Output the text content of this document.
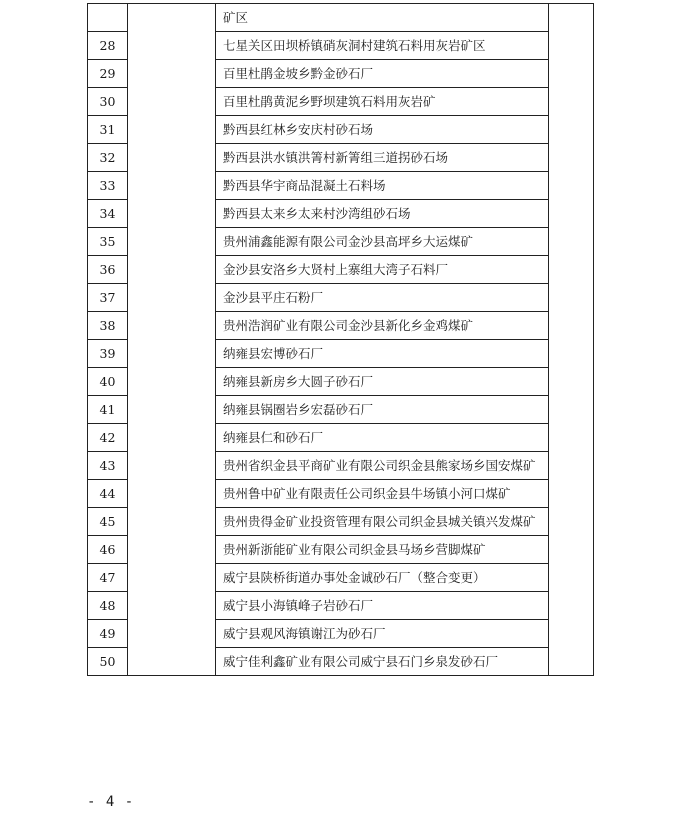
		矿区	
28		七星关区田坝桥镇硝灰洞村建筑石料用灰岩矿区	
29		百里杜鹃金坡乡黔金砂石厂	
30		百里杜鹃黄泥乡野坝建筑石料用灰岩矿	
31		黔西县红林乡安庆村砂石场	
32		黔西县洪水镇洪箐村新箐组三道拐砂石场	
33		黔西县华宇商品混凝土石料场	
34		黔西县太来乡太来村沙湾组砂石场	
35		贵州浦鑫能源有限公司金沙县高坪乡大运煤矿	
36		金沙县安洛乡大贤村上寨组大湾子石料厂	
37		金沙县平庄石粉厂	
38		贵州浩润矿业有限公司金沙县新化乡金鸡煤矿	
39		纳雍县宏博砂石厂	
40		纳雍县新房乡大圆子砂石厂	
41		纳雍县锅圈岩乡宏磊砂石厂	
42		纳雍县仁和砂石厂	
43		贵州省织金县平商矿业有限公司织金县熊家场乡国安煤矿	
44		贵州鲁中矿业有限责任公司织金县牛场镇小河口煤矿	
45		贵州贵得金矿业投资管理有限公司织金县城关镇兴发煤矿	
46		贵州新浙能矿业有限公司织金县马场乡营脚煤矿	
47		威宁县陕桥街道办事处金诚砂石厂（整合变更）	
48		威宁县小海镇峰子岩砂石厂	
49		威宁县观风海镇谢江为砂石厂	
50		威宁佳利鑫矿业有限公司威宁县石门乡泉发砂石厂	
- 4 -
